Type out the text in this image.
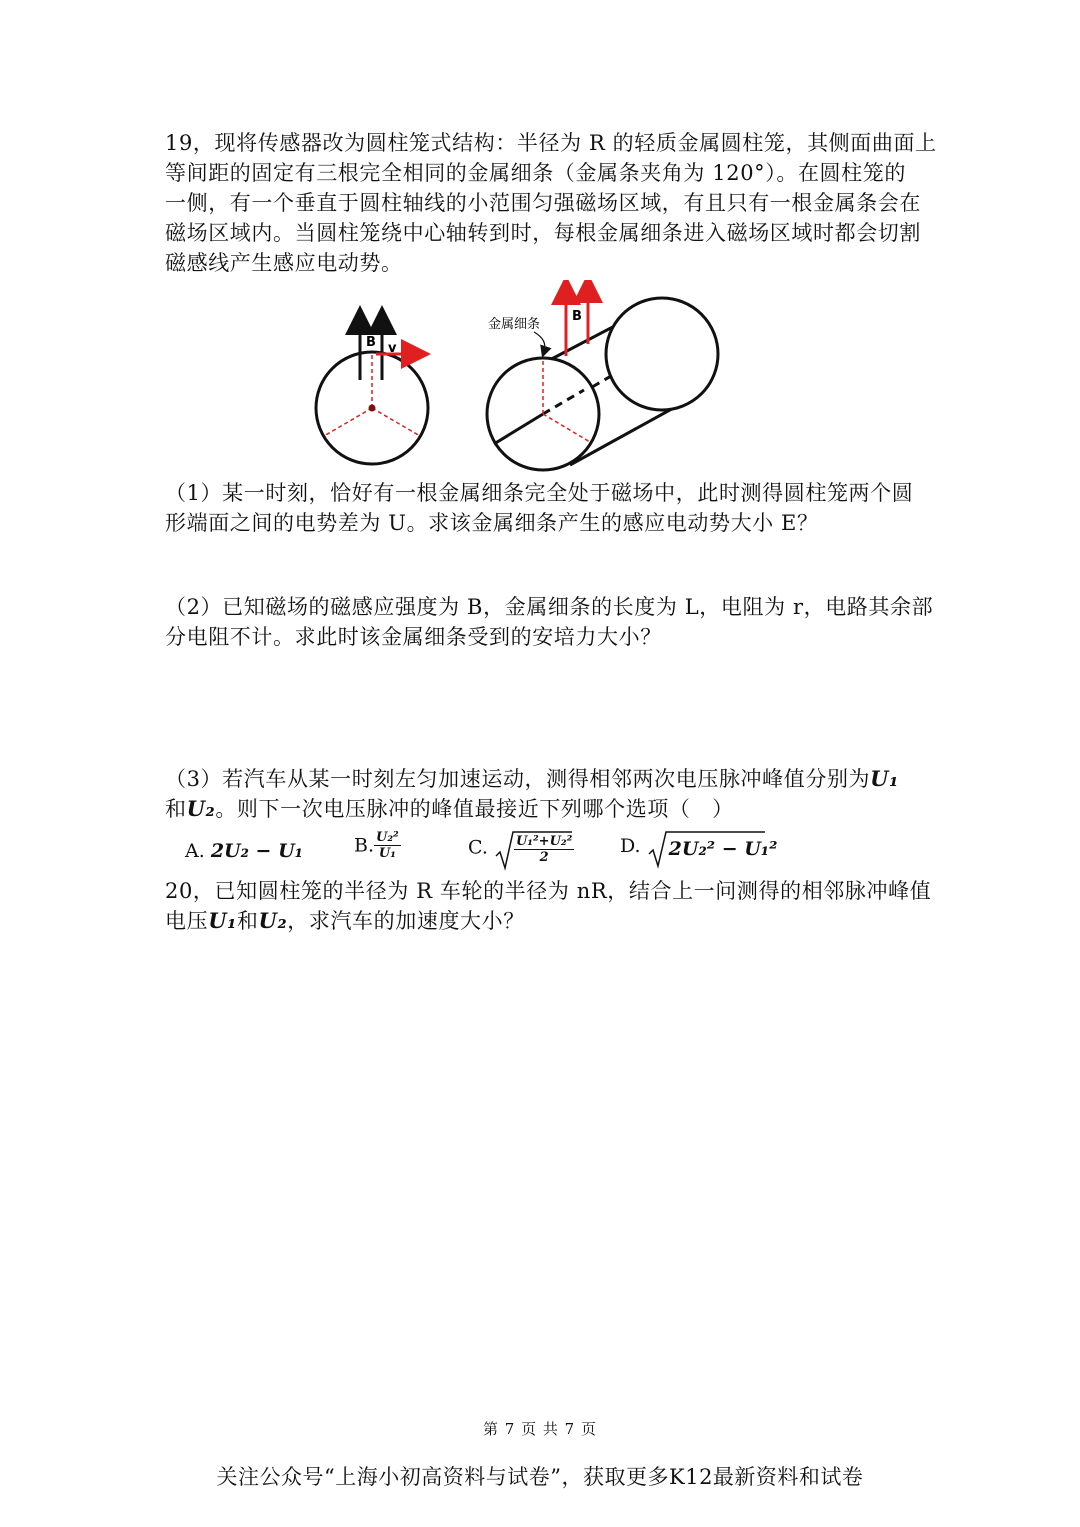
19，现将传感器改为圆柱笼式结构：半径为 R 的轻质金属圆柱笼，其侧面曲面上
等间距的固定有三根完全相同的金属细条（金属条夹角为 120°）。在圆柱笼的
一侧，有一个垂直于圆柱轴线的小范围匀强磁场区域，有且只有一根金属条会在
磁场区域内。当圆柱笼绕中心轴转到时，每根金属细条进入磁场区域时都会切割
磁感线产生感应电动势。
B v
B
金属细条
（1）某一时刻，恰好有一根金属细条完全处于磁场中，此时测得圆柱笼两个圆
形端面之间的电势差为 U。求该金属细条产生的感应电动势大小 E？
（2）已知磁场的磁感应强度为 B，金属细条的长度为 L，电阻为 r，电路其余部
分电阻不计。求此时该金属细条受到的安培力大小？
（3）若汽车从某一时刻左匀加速运动，测得相邻两次电压脉冲峰值分别为U₁
和U₂。则下一次电压脉冲的峰值最接近下列哪个选项（　）
A. 2U₂ − U₁	B. $\frac{\text{U₂²}}{\text{U₁}}$	C. $\frac{\text{U₁²+U₂²}}{2} D$. 2U₂² − U₁²
20，已知圆柱笼的半径为 R 车轮的半径为 nR，结合上一问测得的相邻脉冲峰值
电压U₁和U₂，求汽车的加速度大小？
第 7 页 共 7 页
关注公众号“上海小初高资料与试卷”，获取更多K12最新资料和试卷
